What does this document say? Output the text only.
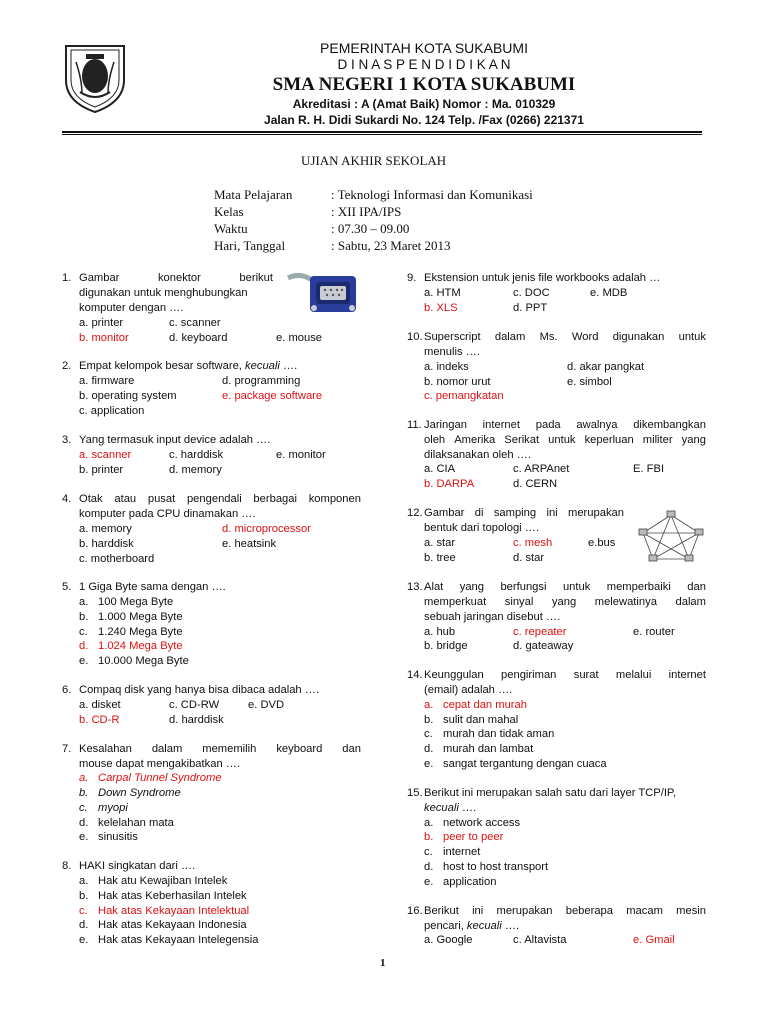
PEMERINTAH KOTA SUKABUMI
D I N A S P E N D I D I K A N
SMA NEGERI 1 KOTA SUKABUMI
Akreditasi : A (Amat Baik) Nomor : Ma. 010329
Jalan R. H. Didi Sukardi No. 124 Telp. /Fax (0266) 221371
UJIAN AKHIR SEKOLAH
Mata Pelajaran	: Teknologi Informasi dan Komunikasi
Kelas	: XII IPA/IPS
Waktu	: 07.30 – 09.00
Hari, Tanggal	: Sabtu, 23 Maret 2013
1. Gambar	konektor	berikut
digunakan untuk menghubungkan
komputer dengan ….
a. printer	c. scanner
b. monitor	d. keyboard	e. mouse
2. Empat kelompok besar software, kecuali ….
a. firmware	d. programming
b. operating system	e. package software
c. application
3. Yang termasuk input device adalah ….
a. scanner	c. harddisk	e. monitor
b. printer	d. memory
4. Otak atau pusat pengendali berbagai komponen
komputer pada CPU dinamakan ….
a. memory	d. microprocessor
b. harddisk	e. heatsink
c. motherboard
5. 1 Giga Byte sama dengan ….
a. 100 Mega Byte
b. 1.000 Mega Byte
c. 1.240 Mega Byte
d. 1.024 Mega Byte
e. 10.000 Mega Byte
6. Compaq disk yang hanya bisa dibaca adalah ….
a. disket	c. CD-RW	e. DVD
b. CD-R	d. harddisk
7. Kesalahan dalam mememilih keyboard dan
mouse dapat mengakibatkan ….
a. Carpal Tunnel Syndrome
b. Down Syndrome
c. myopi
d. kelelahan mata
e. sinusitis
8. HAKI singkatan dari ….
a. Hak atu Kewajiban Intelek
b. Hak atas Keberhasilan Intelek
c. Hak atas Kekayaan Intelektual
d. Hak atas Kekayaan Indonesia
e. Hak atas Kekayaan Intelegensia
9. Ekstension untuk jenis file workbooks adalah …
a. HTM	c. DOC	e. MDB
b. XLS	d. PPT
10. Superscript dalam Ms. Word digunakan untuk
menulis ….
a. indeks	d. akar pangkat
b. nomor urut	e. simbol
c. pemangkatan
11. Jaringan internet pada awalnya dikembangkan
oleh Amerika Serikat untuk keperluan militer yang
dilaksanakan oleh ….
a. CIA	c. ARPAnet	E. FBI
b. DARPA	d. CERN
12. Gambar di samping ini merupakan
bentuk dari topologi ….
a. star	c. mesh	e.bus
b. tree	d. star
13. Alat yang berfungsi untuk memperbaiki dan
memperkuat sinyal yang melewatinya dalam
sebuah jaringan disebut ….
a. hub	c. repeater	e. router
b. bridge	d. gateaway
14. Keunggulan pengiriman surat melalui internet
(email) adalah ….
a. cepat dan murah
b. sulit dan mahal
c. murah dan tidak aman
d. murah dan lambat
e. sangat tergantung dengan cuaca
15. Berikut ini merupakan salah satu dari layer TCP/IP,
kecuali ….
a. network access
b. peer to peer
c. internet
d. host to host transport
e. application
16. Berikut ini merupakan beberapa macam mesin
pencari, kecuali ….
a. Google	c. Altavista	e. Gmail
1
